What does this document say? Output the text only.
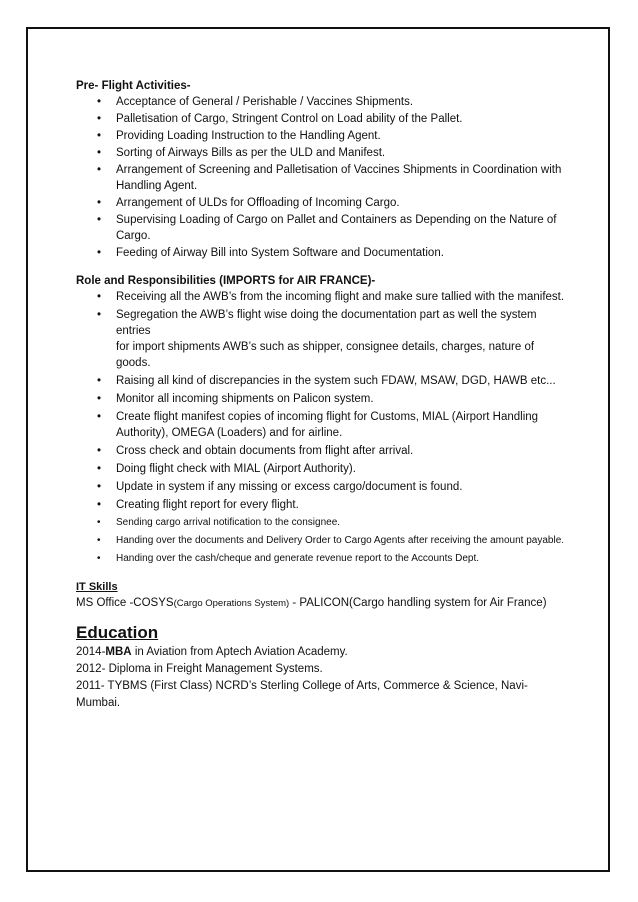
Pre- Flight Activities-

• Acceptance of General / Perishable / Vaccines Shipments.
• Palletisation of Cargo, Stringent Control on Load ability of the Pallet.
• Providing Loading Instruction to the Handling Agent.
• Sorting of Airways Bills as per the ULD and Manifest.
• Arrangement of Screening and Palletisation of Vaccines Shipments in Coordination with Handling Agent.
• Arrangement of ULDs for Offloading of Incoming Cargo.
• Supervising Loading of Cargo on Pallet and Containers as Depending on the Nature of Cargo.
• Feeding of Airway Bill into System Software and Documentation.

Role and Responsibilities (IMPORTS for AIR FRANCE)-

• Receiving all the AWB’s from the incoming flight and make sure tallied with the manifest.
• Segregation the AWB’s flight wise doing the documentation part as well the system entries
for import shipments AWB’s such as shipper, consignee details, charges, nature of goods.
• Raising all kind of discrepancies in the system such FDAW, MSAW, DGD, HAWB etc...
• Monitor all incoming shipments on Palicon system.
• Create flight manifest copies of incoming flight for Customs, MIAL (Airport Handling Authority), OMEGA (Loaders) and for airline.
• Cross check and obtain documents from flight after arrival.
• Doing flight check with MIAL (Airport Authority).
• Update in system if any missing or excess cargo/document is found.
• Creating flight report for every flight.
• Sending cargo arrival notification to the consignee.
• Handing over the documents and Delivery Order to Cargo Agents after receiving the amount payable.
• Handing over the cash/cheque and generate revenue report to the Accounts Dept.

IT Skills

MS Office -COSYS(Cargo Operations System) - PALICON(Cargo handling system for Air France)
Education
2014-MBA in Aviation from Aptech Aviation Academy.
2012- Diploma in Freight Management Systems.
2011- TYBMS (First Class) NCRD’s Sterling College of Arts, Commerce & Science, Navi-Mumbai.
